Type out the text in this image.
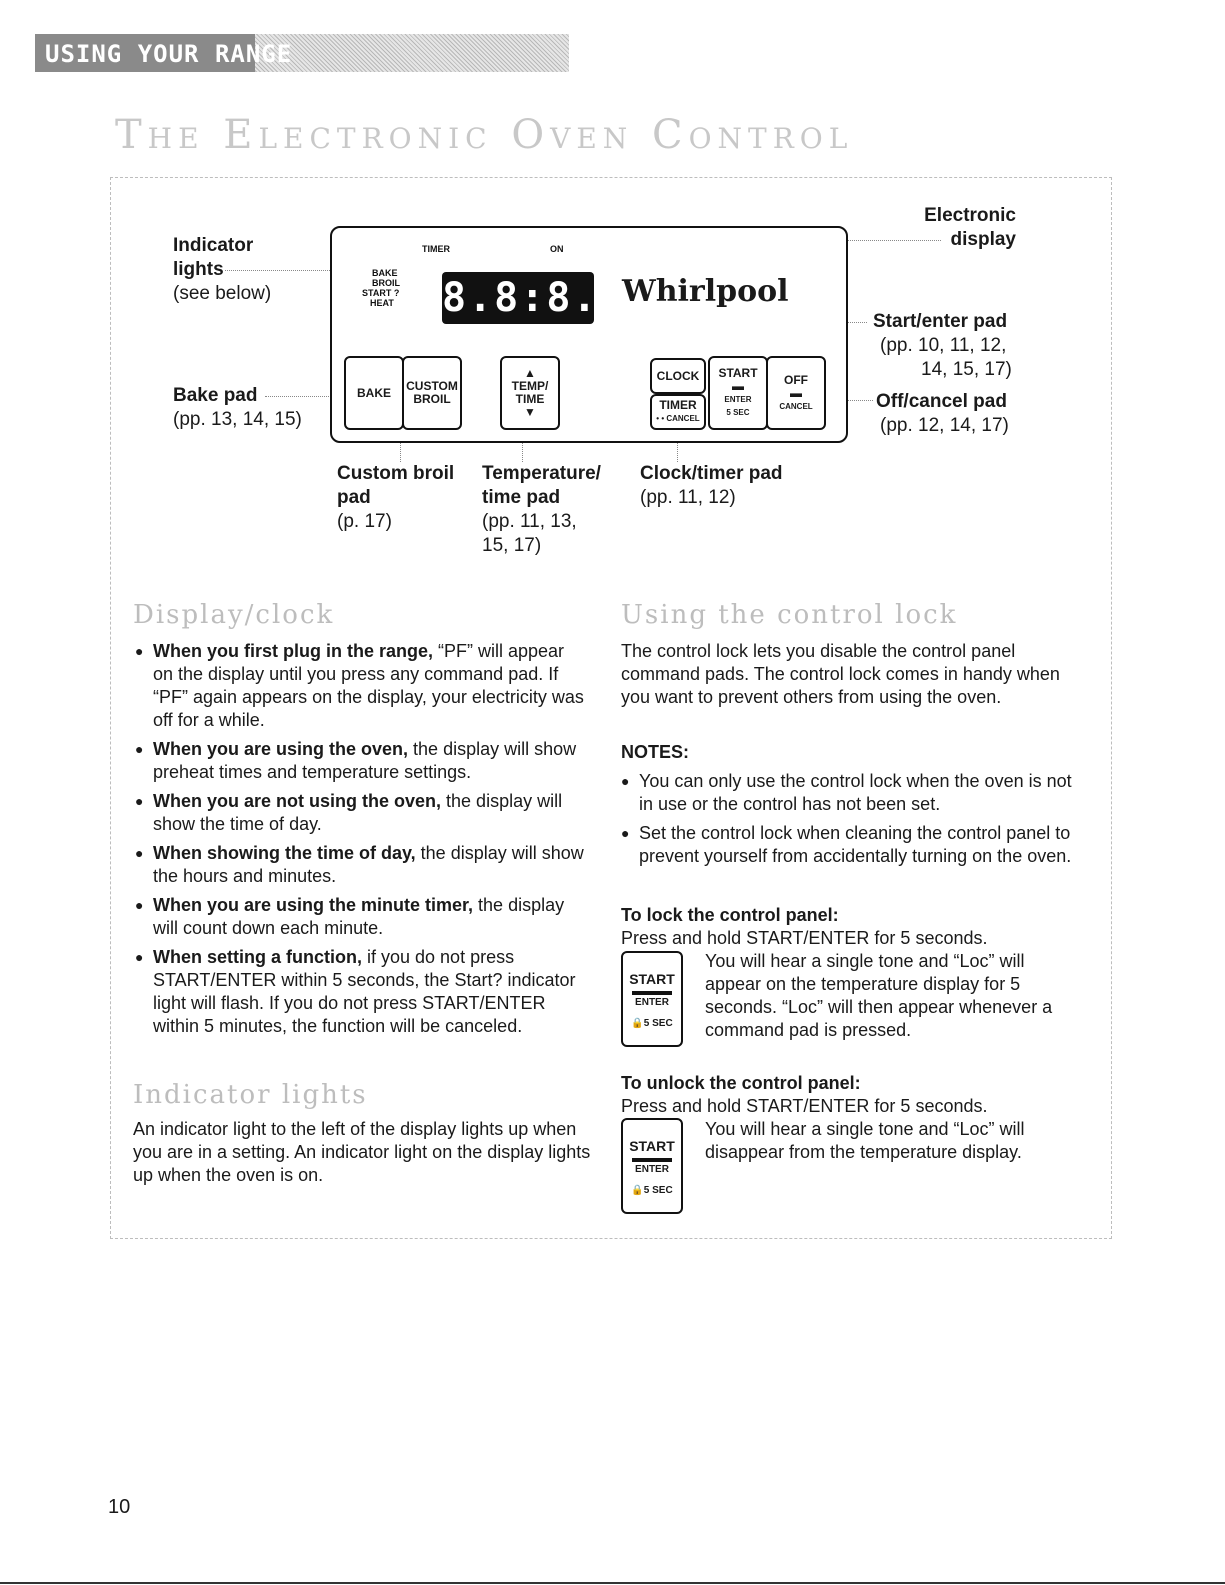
USING YOUR RANGE
The Electronic Oven Control
Indicator
lights
(see below)
Bake pad
(pp. 13, 14, 15)
Electronic
display
Start/enter pad
(pp. 10, 11, 12,
14, 15, 17)
Off/cancel pad
(pp. 12, 14, 17)
Custom broil
pad
(p. 17)
Temperature/
time pad
(pp. 11, 13,
15, 17)
Clock/timer pad
(pp. 11, 12)
TIMER	ON
BAKE
BROIL
START ?
HEAT 8.8:8.8
Whirlpool
BAKE CUSTOM
BROIL
▲
TEMP/
TIME
▼
CLOCK
TIMER
• • CANCEL
START
▬
ENTER
5 SEC
OFF
▬
CANCEL
Display/clock
● When you first plug in the range, “PF” will appear on the display until you press any command pad. If “PF” again appears on the display, your electricity was off for a while.
● When you are using the oven, the display will show preheat times and temperature settings.
● When you are not using the oven, the display will show the time of day.
● When showing the time of day, the display will show the hours and minutes.
● When you are using the minute timer, the display will count down each minute.
● When setting a function, if you do not press START/ENTER within 5 seconds, the Start? indicator light will flash. If you do not press START/ENTER within 5 minutes, the function will be canceled.
Indicator lights
An indicator light to the left of the display lights up when you are in a setting. An indicator light on the display lights up when the oven is on.
Using the control lock
The control lock lets you disable the control panel command pads. The control lock comes in handy when you want to prevent others from using the oven.
NOTES:
● You can only use the control lock when the oven is not in use or the control has not been set.
● Set the control lock when cleaning the control panel to prevent yourself from accidentally turning on the oven.
To lock the control panel:
Press and hold START/ENTER for 5 seconds.
START
ENTER
🔒5 SEC
You will hear a single tone and “Loc” will appear on the temperature display for 5 seconds. “Loc” will then appear whenever a command pad is pressed.
To unlock the control panel:
Press and hold START/ENTER for 5 seconds.
START
ENTER
🔒5 SEC
You will hear a single tone and “Loc” will disappear from the temperature display.
10
